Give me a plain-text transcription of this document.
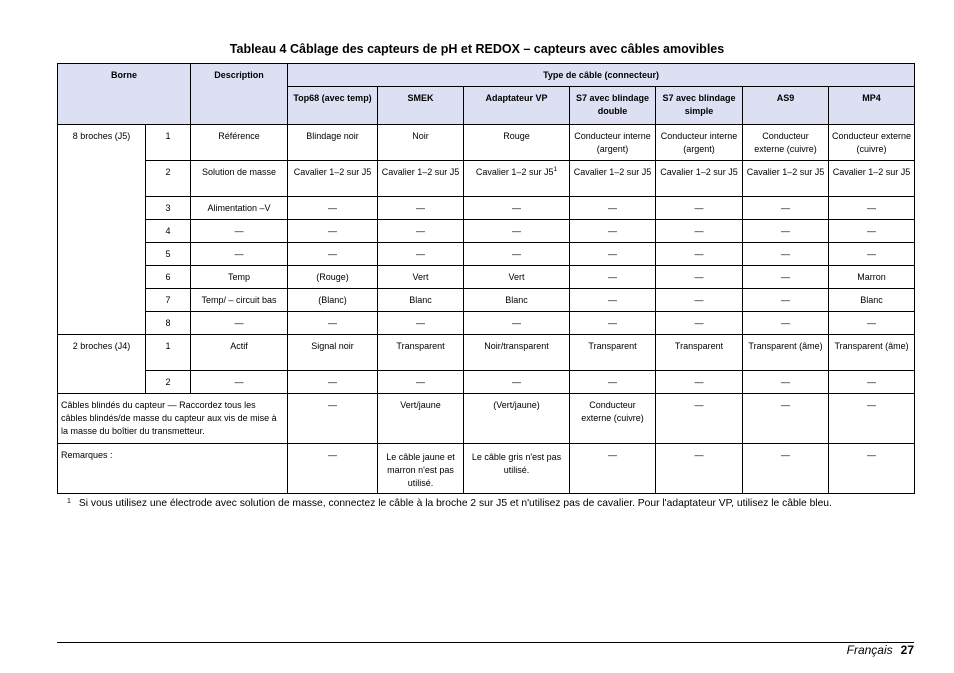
Tableau 4 Câblage des capteurs de pH et REDOX – capteurs avec câbles amovibles
Borne		Description	Type de câble (connecteur)						
			Top68 (avec temp)	SMEK	Adaptateur VP	S7 avec blindage double	S7 avec blindage simple	AS9	MP4
8 broches (J5)	1	Référence	Blindage noir	Noir	Rouge	Conducteur interne (argent)	Conducteur interne (argent)	Conducteur externe (cuivre)	Conducteur externe (cuivre)
	2	Solution de masse	Cavalier 1–2 sur J5	Cavalier 1–2 sur J5	Cavalier 1–2 sur $J5^1$	Cavalier 1–2 sur J5	Cavalier 1–2 sur J5	Cavalier 1–2 sur J5	Cavalier 1–2 sur J5
	3	Alimentation –V	—	—	—	—	—	—	—
	4	—	—	—	—	—	—	—	—
	5	—	—	—	—	—	—	—	—
	6	Temp	(Rouge)	Vert	Vert	—	—	—	Marron
	7	Temp/ – circuit bas	(Blanc)	Blanc	Blanc	—	—	—	Blanc
	8	—	—	—	—	—	—	—	—
2 broches (J4)	1	Actif	Signal noir	Transparent	Noir/transparent	Transparent	Transparent	Transparent (âme)	Transparent (âme)
	2	—	—	—	—	—	—	—	—
Câbles blindés du capteur — Raccordez tous les câbles blindés/de masse du capteur aux vis de mise à la masse du boîtier du transmetteur.			—	Vert/jaune	(Vert/jaune)	Conducteur externe (cuivre)	—	—	—
Remarques :			—	Le câble jaune et marron n'est pas utilisé.	Le câble gris n'est pas utilisé.	—	—	—	—
$^1$ Si vous utilisez une électrode avec solution de masse, connectez le câble à la broche 2 sur J5 et n'utilisez pas de cavalier. Pour l'adaptateur VP, utilisez le câble bleu.
Français 27
